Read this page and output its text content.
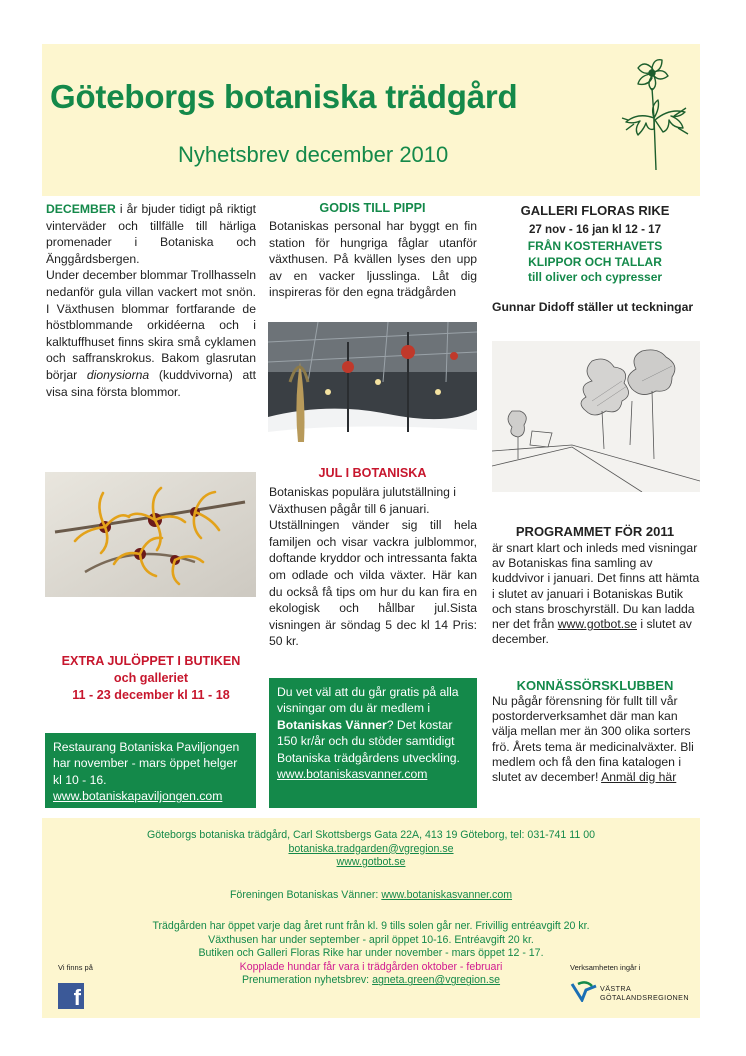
Göteborgs botaniska trädgård
Nyhetsbrev december 2010
DECEMBER i år bjuder tidigt på riktigt vinterväder och tillfälle till härliga promenader i Botaniska och Änggårdsbergen.
Under december blommar Trollhasseln nedanför gula villan vackert mot snön. I Växthusen blommar fortfarande de höstblommande orkidéerna och i kalktuffhuset finns skira små cyklamen och saffranskrokus. Bakom glasrutan börjar dionysiorna (kuddvivorna) att visa sina första blommor.
EXTRA JULÖPPET I BUTIKEN
och galleriet
11 - 23 december kl 11 - 18
Restaurang Botaniska Paviljongen har november - mars öppet helger kl 10 - 16.
www.botaniskapaviljongen.com
GODIS TILL PIPPI
Botaniskas personal har byggt en fin station för hungriga fåglar utanför växthusen. På kvällen lyses den upp av en vacker ljusslinga. Låt dig inspireras för den egna trädgården
JUL I BOTANISKA
Botaniskas populära julutställning i Växthusen pågår till 6 januari.
Utställningen vänder sig till hela familjen och visar vackra julblommor, doftande kryddor och intressanta fakta om odlade och vilda växter. Här kan du också få tips om hur du kan fira en ekologisk och hållbar jul.Sista visningen är söndag 5 dec kl 14 Pris: 50 kr.
Du vet väl att du går gratis på alla visningar om du är medlem i Botaniskas Vänner? Det kostar 150 kr/år och du stöder samtidigt Botaniska trädgårdens utveckling.
www.botaniskasvanner.com
GALLERI FLORAS RIKE
27 nov - 16 jan kl 12 - 17
FRÅN KOSTERHAVETS
KLIPPOR OCH TALLAR
till oliver och cypresser
Gunnar Didoff ställer ut teckningar
PROGRAMMET FÖR 2011
är snart klart och inleds med visningar av Botaniskas fina samling av kuddvivor i januari. Det finns att hämta i slutet av januari i Botaniskas Butik och stans broschyrställ. Du kan ladda ner det från www.gotbot.se i slutet av december.
KONNÄSSÖRSKLUBBEN
Nu pågår förensning för fullt till vår postorderverksamhet där man kan välja mellan mer än 300 olika sorters frö. Årets tema är medicinalväxter. Bli medlem och få den fina katalogen i slutet av december! Anmäl dig här
Göteborgs botaniska trädgård, Carl Skottsbergs Gata 22A, 413 19 Göteborg, tel: 031-741 11 00
botaniska.tradgarden@vgregion.se
www.gotbot.se
Föreningen Botaniskas Vänner: www.botaniskasvanner.com
Trädgården har öppet varje dag året runt från kl. 9 tills solen går ner. Frivillig entréavgift 20 kr.
Växthusen har under september - april öppet 10-16. Entréavgift 20 kr.
Butiken och Galleri Floras Rike har under november - mars öppet 12 - 17.
Kopplade hundar får vara i trädgården oktober - februari
Prenumeration nyhetsbrev: agneta.green@vgregion.se
Vi finns på
f
Verksamheten ingår i
VÄSTRA
GÖTALANDSREGIONEN
